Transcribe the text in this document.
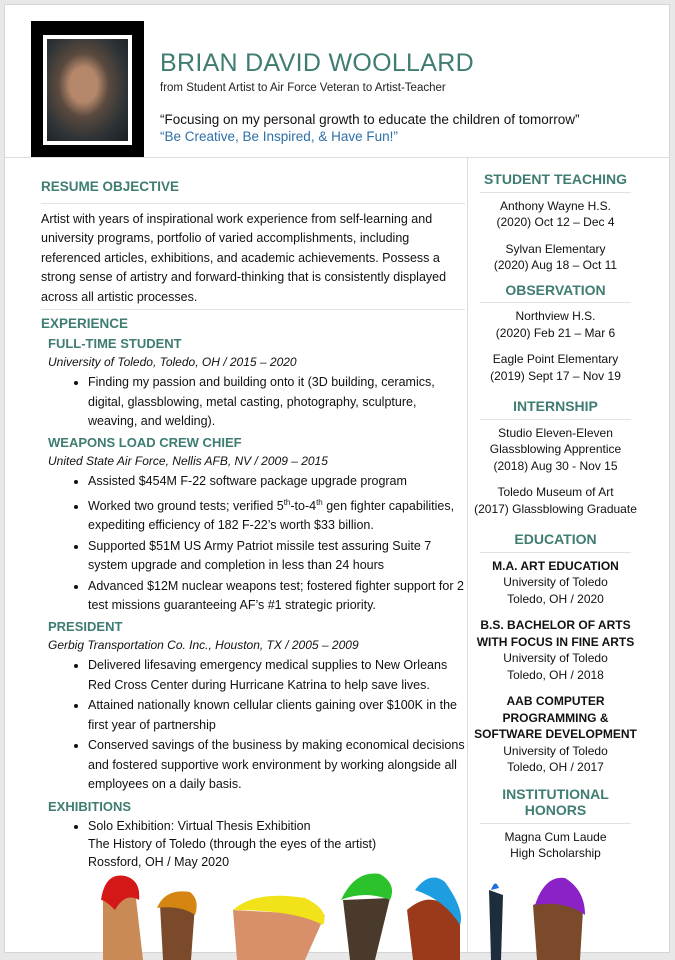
BRIAN DAVID WOOLLARD
from Student Artist to Air Force Veteran to Artist-Teacher
“Focusing on my personal growth to educate the children of tomorrow”
“Be Creative, Be Inspired, & Have Fun!”
RESUME OBJECTIVE

Artist with years of inspirational work experience from self-learning and university programs, portfolio of varied accomplishments, including referenced articles, exhibitions, and academic achievements. Possess a strong sense of artistry and forward-thinking that is consistently displayed across all artistic processes.

EXPERIENCE
FULL-TIME STUDENT
University of Toledo, Toledo, OH / 2015 – 2020
• Finding my passion and building onto it (3D building, ceramics, digital, glassblowing, metal casting, photography, sculpture, weaving, and welding).
WEAPONS LOAD CREW CHIEF
United State Air Force, Nellis AFB, NV / 2009 – 2015
• Assisted $454M F-22 software package upgrade program
• Worked two ground tests; verified 5th-to-4th gen fighter capabilities, expediting efficiency of 182 F-22’s worth $33 billion.
• Supported $51M US Army Patriot missile test assuring Suite 7 system upgrade and completion in less than 24 hours
• Advanced $12M nuclear weapons test; fostered fighter support for 2 test missions guaranteeing AF’s #1 strategic priority.
PRESIDENT
Gerbig Transportation Co. Inc., Houston, TX / 2005 – 2009
• Delivered lifesaving emergency medical supplies to New Orleans Red Cross Center during Hurricane Katrina to help save lives.
• Attained nationally known cellular clients gaining over $100K in the first year of partnership
• Conserved savings of the business by making economical decisions and fostered supportive work environment by working alongside all employees on a daily basis.
EXHIBITIONS
• Solo Exhibition: Virtual Thesis Exhibition
The History of Toledo (through the eyes of the artist)
Rossford, OH / May 2020
STUDENT TEACHING
Anthony Wayne H.S.
(2020) Oct 12 – Dec 4
Sylvan Elementary
(2020) Aug 18 – Oct 11
OBSERVATION
Northview H.S.
(2020) Feb 21 – Mar 6
Eagle Point Elementary
(2019) Sept 17 – Nov 19
INTERNSHIP
Studio Eleven-Eleven
Glassblowing Apprentice
(2018) Aug 30 - Nov 15
Toledo Museum of Art
(2017) Glassblowing Graduate
EDUCATION
M.A. ART EDUCATION
University of Toledo
Toledo, OH / 2020
B.S. BACHELOR OF ARTS WITH FOCUS IN FINE ARTS
University of Toledo
Toledo, OH / 2018
AAB COMPUTER PROGRAMMING & SOFTWARE DEVELOPMENT
University of Toledo
Toledo, OH / 2017
INSTITUTIONAL HONORS
Magna Cum Laude
High Scholarship
